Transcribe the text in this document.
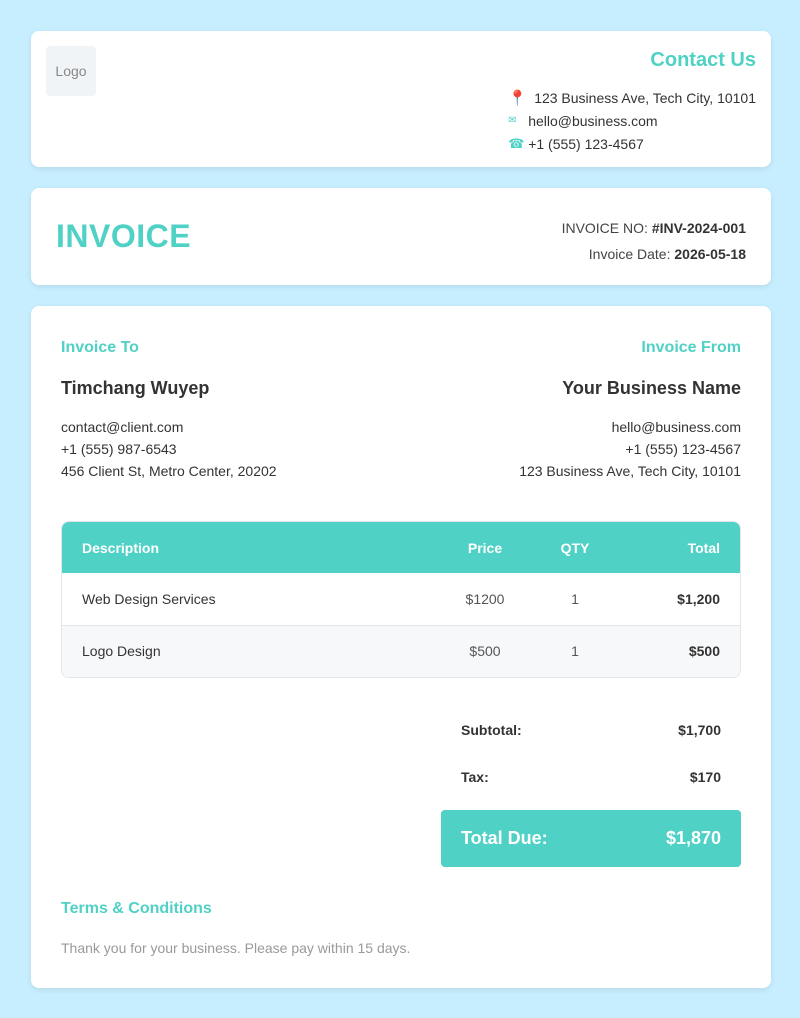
Logo	Contact Us
📍 123 Business Ave, Tech City, 10101
✉ hello@business.com
☎ +1 (555) 123-4567
INVOICE	INVOICE NO: #INV-2024-001
Invoice Date: 2026-05-18
Invoice To
Timchang Wuyep
contact@client.com
+1 (555) 987-6543
456 Client St, Metro Center, 20202
Invoice From
Your Business Name
hello@business.com
+1 (555) 123-4567
123 Business Ave, Tech City, 10101
Description	Price	QTY	Total
Web Design Services	$1200	1	$1,200
Logo Design	$500	1	$500
Subtotal:	$1,700
Tax:	$170
Total Due:	$1,870
Terms & Conditions
Thank you for your business. Please pay within 15 days.
